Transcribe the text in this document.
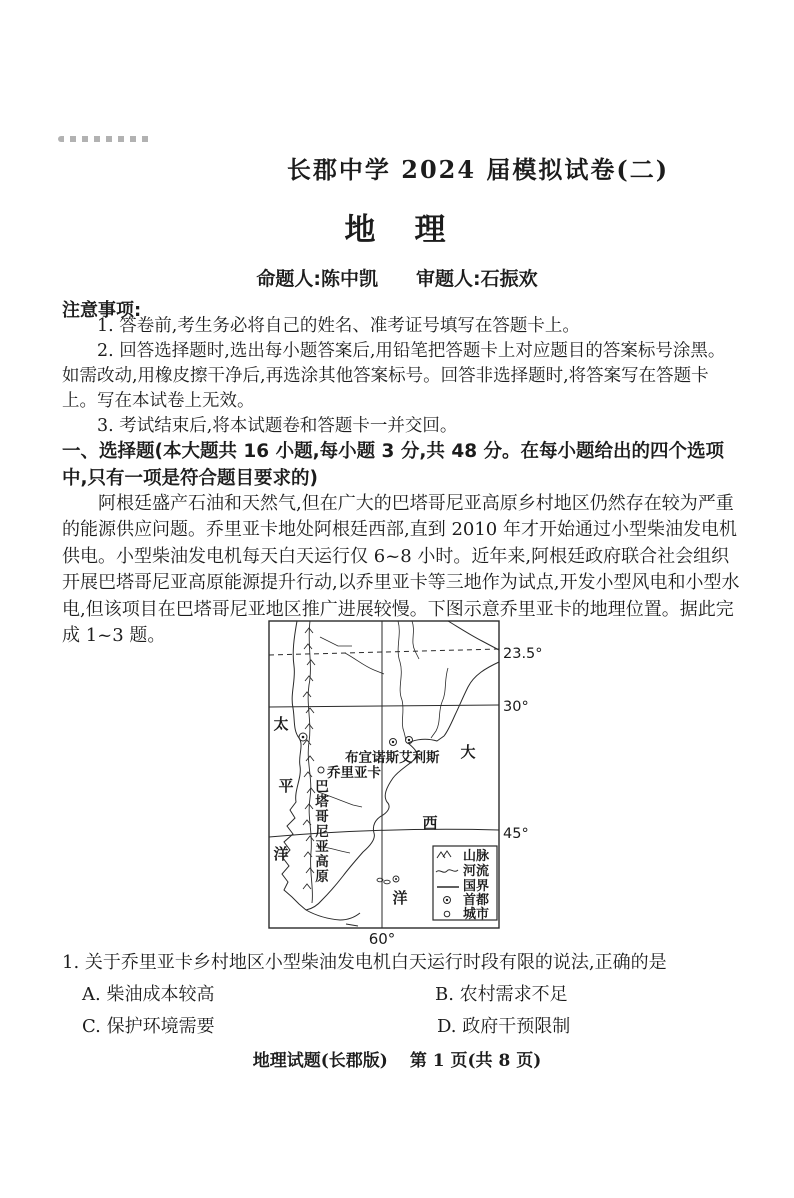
长郡中学 2024 届模拟试卷(二)
地　理
命题人:陈中凯 审题人:石振欢
注意事项:

1. 答卷前,考生务必将自己的姓名、准考证号填写在答题卡上。

2. 回答选择题时,选出每小题答案后,用铅笔把答题卡上对应题目的答案标号涂黑。如需改动,用橡皮擦干净后,再选涂其他答案标号。回答非选择题时,将答案写在答题卡上。写在本试卷上无效。

3. 考试结束后,将本试题卷和答题卡一并交回。

一、选择题(本大题共 16 小题,每小题 3 分,共 48 分。在每小题给出的四个选项中,只有一项是符合题目要求的)
阿根廷盛产石油和天然气,但在广大的巴塔哥尼亚高原乡村地区仍然存在较为严重的能源供应问题。乔里亚卡地处阿根廷西部,直到 2010 年才开始通过小型柴油发电机供电。小型柴油发电机每天白天运行仅 6~8 小时。近年来,阿根廷政府联合社会组织开展巴塔哥尼亚高原能源提升行动,以乔里亚卡等三地作为试点,开发小型风电和小型水电,但该项目在巴塔哥尼亚地区推广进展较慢。下图示意乔里亚卡的地理位置。据此完成 1~3 题。
23.5°
30°
45°
60°
太
平
洋
大
西
洋
巴
塔
哥
尼
亚
高
原
布宜诺斯艾利斯
乔里亚卡
山脉
河流
国界
首都
城市
1. 关于乔里亚卡乡村地区小型柴油发电机白天运行时段有限的说法,正确的是
A. 柴油成本较高	B. 农村需求不足
C. 保护环境需要	D. 政府干预限制
地理试题(长郡版) 第 1 页(共 8 页)
